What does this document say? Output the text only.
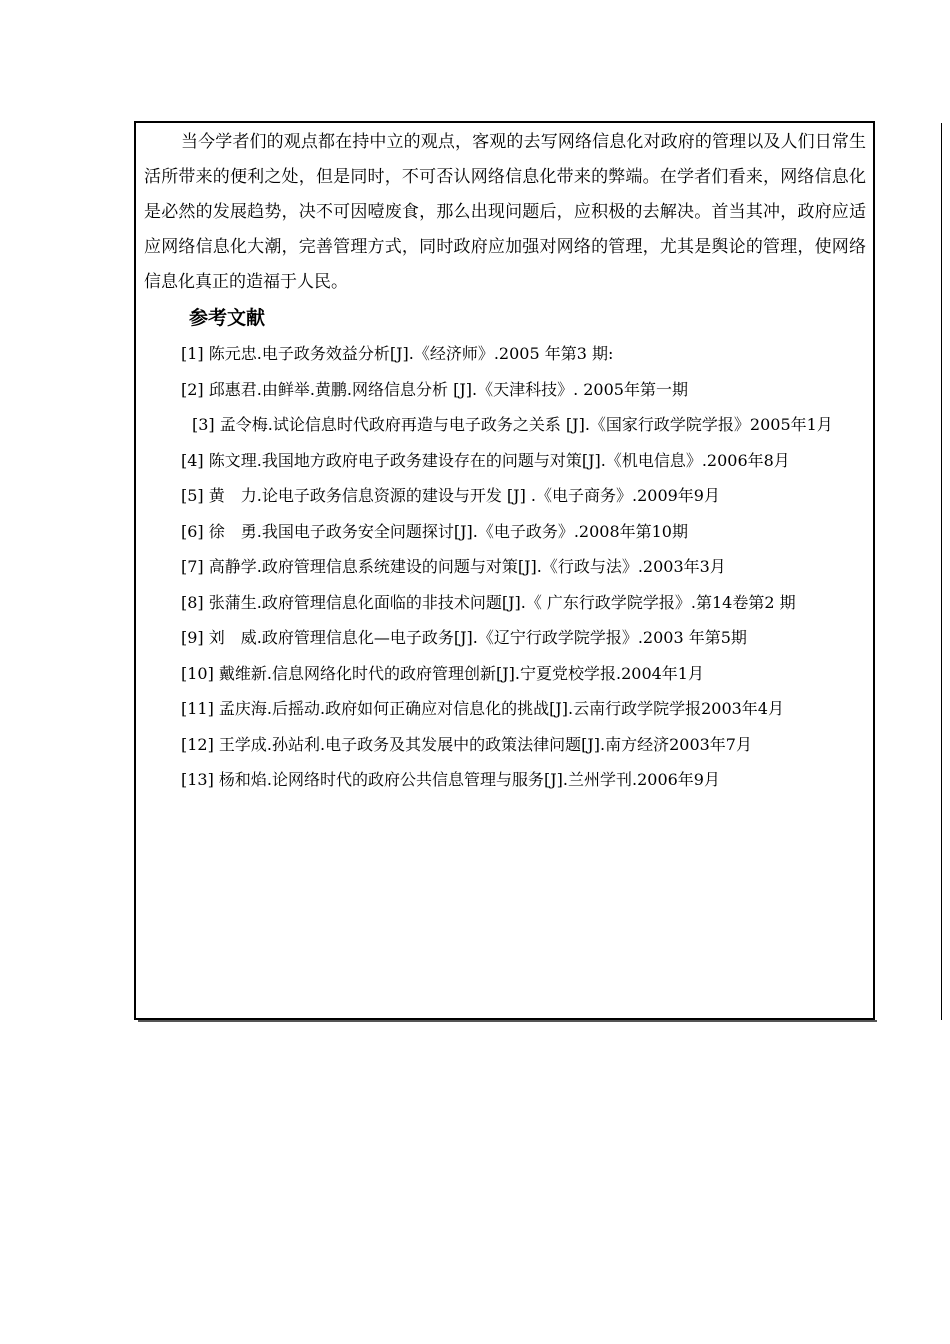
当今学者们的观点都在持中立的观点，客观的去写网络信息化对政府的管理以及人们日常生活所带来的便利之处，但是同时，不可否认网络信息化带来的弊端。在学者们看来，网络信息化是必然的发展趋势，决不可因噎废食，那么出现问题后，应积极的去解决。首当其冲，政府应适应网络信息化大潮，完善管理方式，同时政府应加强对网络的管理，尤其是舆论的管理，使网络信息化真正的造福于人民。

参考文献

[1] 陈元忠.电子政务效益分析[J].《经济师》.2005 年第3 期:

[2] 邱惠君.由鲜举.黄鹏.网络信息分析 [J].《天津科技》. 2005年第一期

[3] 孟令梅.试论信息时代政府再造与电子政务之关系 [J].《国家行政学院学报》2005年1月

[4] 陈文理.我国地方政府电子政务建设存在的问题与对策[J].《机电信息》.2006年8月

[5] 黄　力.论电子政务信息资源的建设与开发 [J] .《电子商务》.2009年9月

[6] 徐　勇.我国电子政务安全问题探讨[J].《电子政务》.2008年第10期

[7] 高静学.政府管理信息系统建设的问题与对策[J].《行政与法》.2003年3月

[8] 张蒲生.政府管理信息化面临的非技术问题[J].《 广东行政学院学报》.第14卷第2 期

[9] 刘　威.政府管理信息化—电子政务[J].《辽宁行政学院学报》.2003 年第5期

[10] 戴维新.信息网络化时代的政府管理创新[J].宁夏党校学报.2004年1月

[11] 孟庆海.后摇动.政府如何正确应对信息化的挑战[J].云南行政学院学报2003年4月

[12] 王学成.孙站利.电子政务及其发展中的政策法律问题[J].南方经济2003年7月

[13] 杨和焰.论网络时代的政府公共信息管理与服务[J].兰州学刊.2006年9月
